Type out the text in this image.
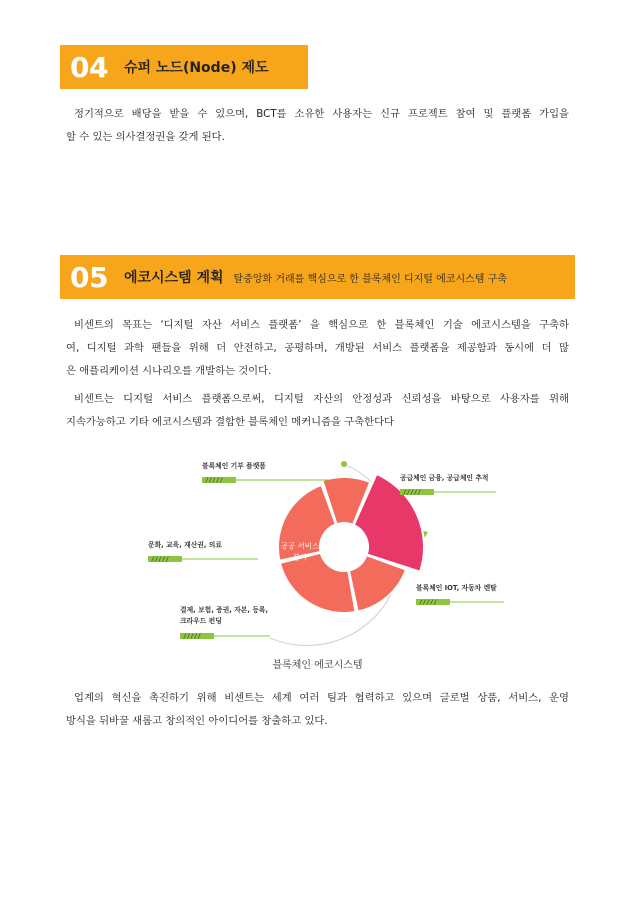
04 슈퍼 노드(Node) 제도
정기적으로 배당을 받을 수 있으며, BCT를 소유한 사용자는 신규 프로젝트 참여 및 플랫폼 가입을
할 수 있는 의사결정권을 갖게 된다.
05 에코시스템 계획 탈중앙화 거래를 핵심으로 한 블록체인 디지털 에코시스템 구축
비센트의 목표는 ‘디지털 자산 서비스 플랫폼’ 을 핵심으로 한 블록체인 기술 에코시스템을 구축하
여, 디지털 과학 팬들을 위해 더 안전하고, 공평하며, 개방된 서비스 플랫폼을 제공함과 동시에 더 많
은 애플리케이션 시나리오를 개발하는 것이다.
비센트는 디지털 서비스 플랫폼으로써, 디지털 자산의 안정성과 신뢰성을 바탕으로 사용자를 위해
지속가능하고 기타 에코시스템과 결합한 블록체인 메커니즘을 구축한다다
공공 서비스
분야
블록체인 기부 플랫폼
/////	공급체인 금융, 공급체인 추적
/////
문화, 교육, 재산권, 의료
/////
블록체인 IOT, 자동차 렌탈
/////
결제, 보험, 증권, 자본, 등록,
크라우드 펀딩
/////
블록체인 에코시스템
업계의 혁신을 촉진하기 위해 비센트는 세계 여러 팀과 협력하고 있으며 글로벌 상품, 서비스, 운영
방식을 뒤바꿀 새롭고 창의적인 아이디어를 창출하고 있다.
